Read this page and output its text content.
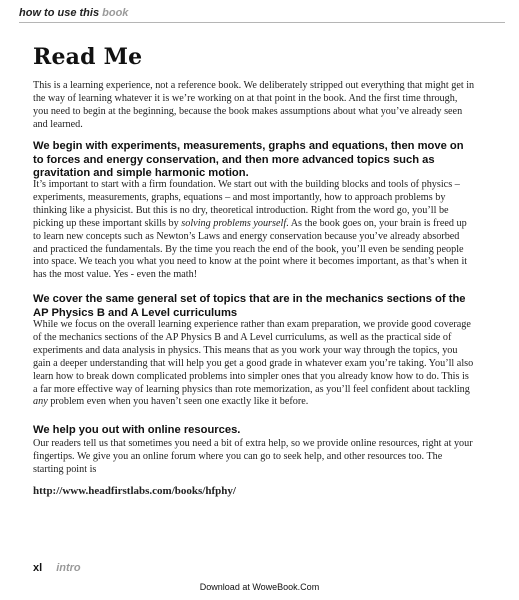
how to use this book
Read Me

This is a learning experience, not a reference book. We deliberately stripped out everything that might get in the way of learning whatever it is we’re working on at that point in the book. And the first time through, you need to begin at the beginning, because the book makes assumptions about what you’ve already seen and learned.

We begin with experiments, measurements, graphs and equations, then move on to forces and energy conservation, and then more advanced topics such as gravitation and simple harmonic motion.

It’s important to start with a firm foundation. We start out with the building blocks and tools of physics – experiments, measurements, graphs, equations – and most importantly, how to approach problems by thinking like a physicist. But this is no dry, theoretical introduction. Right from the word go, you’ll be picking up these important skills by solving problems yourself. As the book goes on, your brain is freed up to learn new concepts such as Newton’s Laws and energy conservation because you’ve already absorbed and practiced the fundamentals. By the time you reach the end of the book, you’ll even be sending people into space. We teach you what you need to know at the point where it becomes important, as that’s when it has the most value. Yes - even the math!

We cover the same general set of topics that are in the mechanics sections of the AP Physics B and A Level curriculums

While we focus on the overall learning experience rather than exam preparation, we provide good coverage of the mechanics sections of the AP Physics B and A Level curriculums, as well as the practical side of experiments and data analysis in physics. This means that as you work your way through the topics, you gain a deeper understanding that will help you get a good grade in whatever exam you’re taking. You’ll also learn how to break down complicated problems into simpler ones that you already know how to do. This is a far more effective way of learning physics than rote memorization, as you’ll feel confident about tackling any problem even when you haven’t seen one exactly like it before.

We help you out with online resources.

Our readers tell us that sometimes you need a bit of extra help, so we provide online resources, right at your fingertips. We give you an online forum where you can go to seek help, and other resources too. The starting point is

http://www.headfirstlabs.com/books/hfphy/

xl intro
Download at WoweBook.Com
